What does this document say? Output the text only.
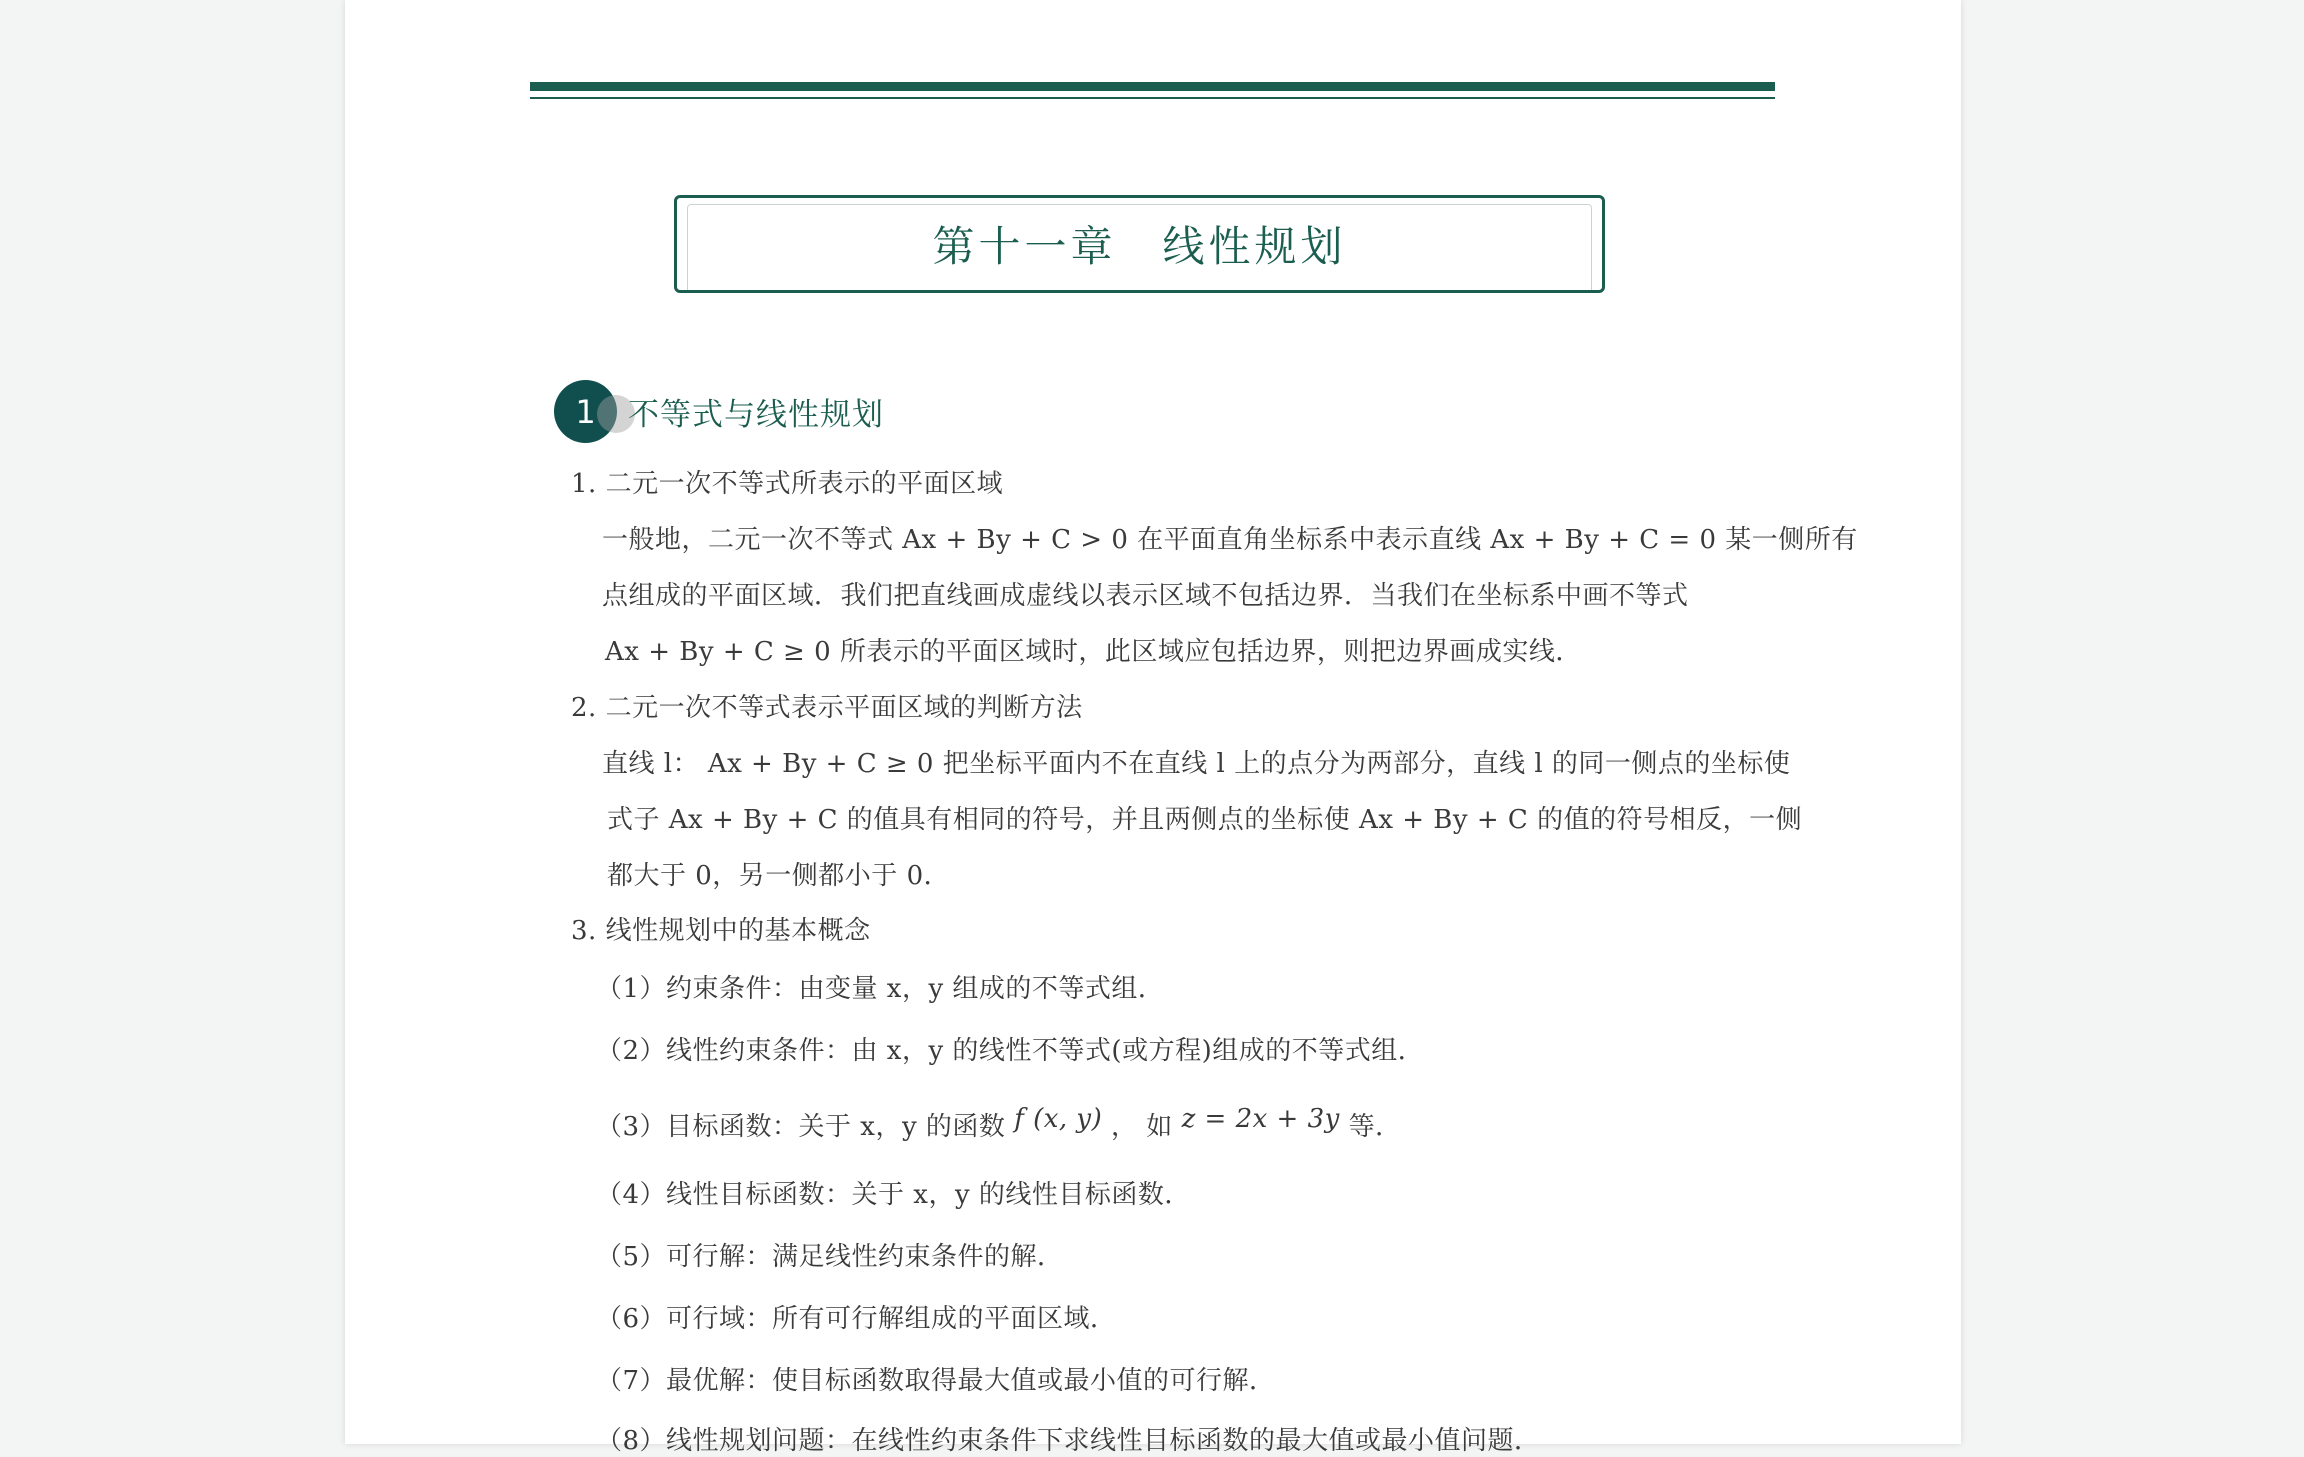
第十一章　线性规划
1	不等式与线性规划
1. 二元一次不等式所表示的平面区域
一般地，二元一次不等式 Ax + By + C > 0 在平面直角坐标系中表示直线 Ax + By + C = 0 某一侧所有
点组成的平面区域．我们把直线画成虚线以表示区域不包括边界．当我们在坐标系中画不等式
Ax + By + C ≥ 0 所表示的平面区域时，此区域应包括边界，则把边界画成实线．
2. 二元一次不等式表示平面区域的判断方法
直线 l： Ax + By + C ≥ 0 把坐标平面内不在直线 l 上的点分为两部分，直线 l 的同一侧点的坐标使
式子 Ax + By + C 的值具有相同的符号，并且两侧点的坐标使 Ax + By + C 的值的符号相反，一侧
都大于 0，另一侧都小于 0．
3. 线性规划中的基本概念
（1）约束条件：由变量 x，y 组成的不等式组．
（2）线性约束条件：由 x，y 的线性不等式(或方程)组成的不等式组．
（3）目标函数：关于 x，y 的函数 f (x, y) ， 如 z = 2x + 3y 等．
（4）线性目标函数：关于 x，y 的线性目标函数．
（5）可行解：满足线性约束条件的解．
（6）可行域：所有可行解组成的平面区域．
（7）最优解：使目标函数取得最大值或最小值的可行解．
（8）线性规划问题：在线性约束条件下求线性目标函数的最大值或最小值问题．
